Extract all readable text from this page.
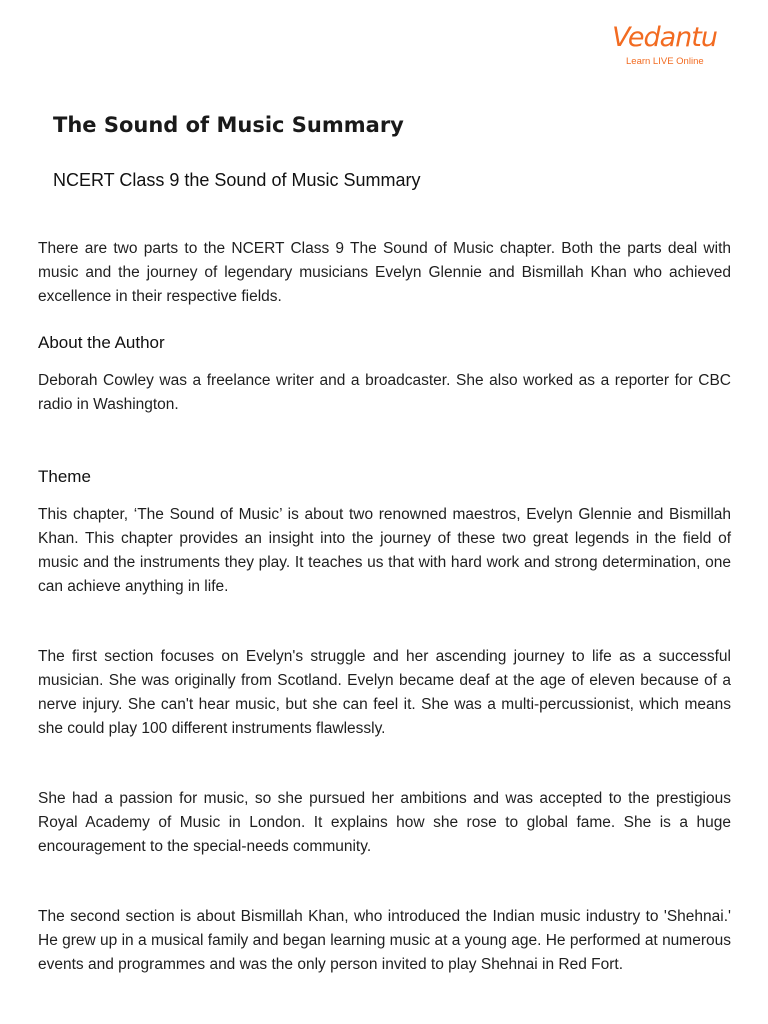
Vedantu
Learn LIVE Online
The Sound of Music Summary
NCERT Class 9 the Sound of Music Summary

There are two parts to the NCERT Class 9 The Sound of Music chapter. Both the parts deal with music and the journey of legendary musicians Evelyn Glennie and Bismillah Khan who achieved excellence in their respective fields.

About the Author

Deborah Cowley was a freelance writer and a broadcaster. She also worked as a reporter for CBC radio in Washington.

Theme

This chapter, ‘The Sound of Music’ is about two renowned maestros, Evelyn Glennie and Bismillah Khan. This chapter provides an insight into the journey of these two great legends in the field of music and the instruments they play. It teaches us that with hard work and strong determination, one can achieve anything in life.

The first section focuses on Evelyn's struggle and her ascending journey to life as a successful musician. She was originally from Scotland. Evelyn became deaf at the age of eleven because of a nerve injury. She can't hear music, but she can feel it. She was a multi-percussionist, which means she could play 100 different instruments flawlessly.

She had a passion for music, so she pursued her ambitions and was accepted to the prestigious Royal Academy of Music in London. It explains how she rose to global fame. She is a huge encouragement to the special-needs community.

The second section is about Bismillah Khan, who introduced the Indian music industry to 'Shehnai.' He grew up in a musical family and began learning music at a young age. He performed at numerous events and programmes and was the only person invited to play Shehnai in Red Fort.
